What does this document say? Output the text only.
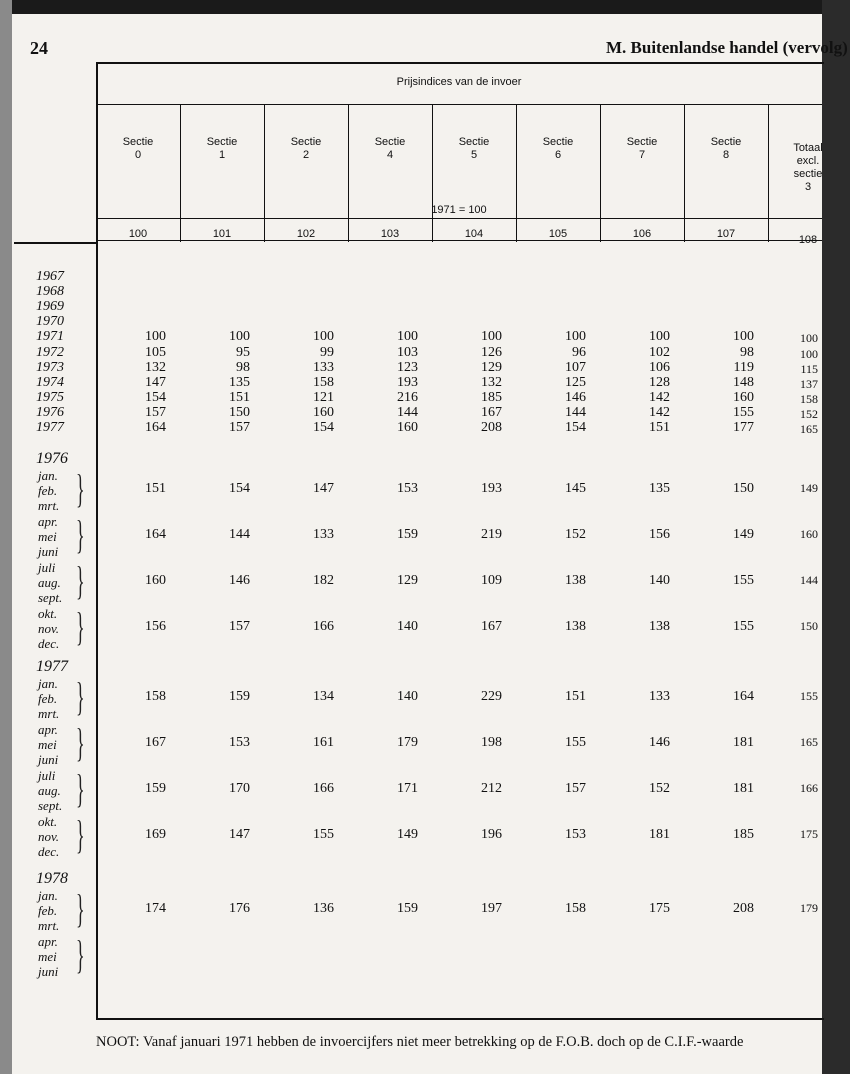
24	M. Buitenlandse handel (vervolg)
Prijsindices van de invoer
1971 = 100
Sectie
0
100
Sectie
1
101
Sectie
2
102
Sectie
4
103
Sectie
5
104
Sectie
6
105
Sectie
7
106
Sectie
8
107
Totaal
excl.
sectie
3
108
1967
1968
1969
1970
1971	100	100	100	100	100	100	100	100	100
1972	105	95	99	103	126	96	102	98	100
1973	132	98	133	123	129	107	106	119	115
1974	147	135	158	193	132	125	128	148	137
1975	154	151	121	216	185	146	142	160	158
1976	157	150	160	144	167	144	142	155	152
1977	164	157	154	160	208	154	151	177	165
1976
jan.
feb.
mrt. }	151	154	147	153	193	145	135	150	149
apr.
mei
juni }	164	144	133	159	219	152	156	149	160
juli
aug.
sept. }	160	146	182	129	109	138	140	155	144
okt.
nov.
dec. }	156	157	166	140	167	138	138	155	150
1977
jan.
feb.
mrt. }	158	159	134	140	229	151	133	164	155
apr.
mei
juni }	167	153	161	179	198	155	146	181	165
juli
aug.
sept. }	159	170	166	171	212	157	152	181	166
okt.
nov.
dec. }	169	147	155	149	196	153	181	185	175
1978
jan.
feb.
mrt. }	174	176	136	159	197	158	175	208	179
apr.
mei
juni }
NOOT: Vanaf januari 1971 hebben de invoercijfers niet meer betrekking op de F.O.B. doch op de C.I.F.-waarde
